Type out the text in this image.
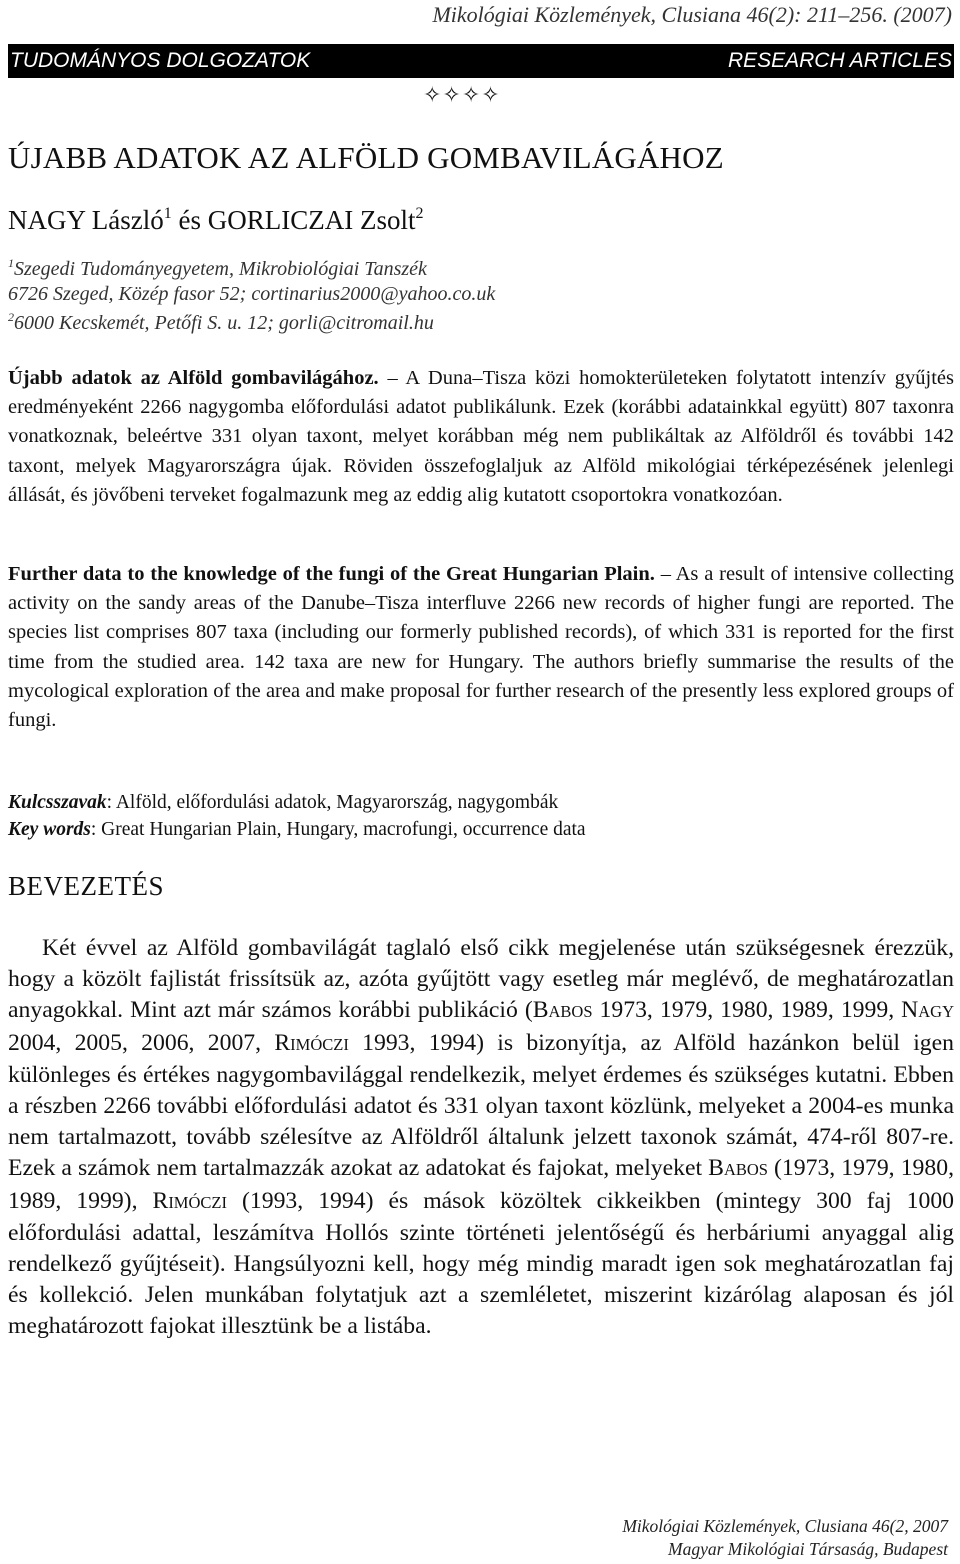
Mikológiai Közlemények, Clusiana 46(2): 211–256. (2007)
TUDOMÁNYOS DOLGOZATOK	RESEARCH ARTICLES
✧✧✧✧
ÚJABB ADATOK AZ ALFÖLD GOMBAVILÁGÁHOZ
NAGY László$^1$ és GORLICZAI Zsolt$^2$
$^1$Szegedi Tudományegyetem, Mikrobiológiai Tanszék
6726 Szeged, Közép fasor 52; cortinarius2000@yahoo.co.uk
$^2$6000 Kecskemét, Petőfi S. u. 12; gorli@citromail.hu

Újabb adatok az Alföld gombavilágához. – A Duna–Tisza közi homokterületeken folytatott intenzív gyűjtés eredményeként 2266 nagygomba előfordulási adatot publikálunk. Ezek (korábbi adatainkkal együtt) 807 taxonra vonatkoznak, beleértve 331 olyan taxont, melyet korábban még nem publikáltak az Alföldről és további 142 taxont, melyek Magyarországra újak. Röviden összefoglaljuk az Alföld mikológiai térképezésének jelenlegi állását, és jövőbeni terveket fogalmazunk meg az eddig alig kutatott csoportokra vonatkozóan.

Further data to the knowledge of the fungi of the Great Hungarian Plain. – As a result of intensive collecting activity on the sandy areas of the Danube–Tisza interfluve 2266 new records of higher fungi are reported. The species list comprises 807 taxa (including our formerly published records), of which 331 is reported for the first time from the studied area. 142 taxa are new for Hungary. The authors briefly summarise the results of the mycological exploration of the area and make proposal for further research of the presently less explored groups of fungi.

Kulcsszavak: Alföld, előfordulási adatok, Magyarország, nagygombák
Key words: Great Hungarian Plain, Hungary, macrofungi, occurrence data
BEVEZETÉS

Két évvel az Alföld gombavilágát taglaló első cikk megjelenése után szükségesnek érezzük, hogy a közölt fajlistát frissítsük az, azóta gyűjtött vagy esetleg már meglévő, de meghatározatlan anyagokkal. Mint azt már számos korábbi publikáció (BABOS 1973, 1979, 1980, 1989, 1999, NAGY 2004, 2005, 2006, 2007, RIMÓCZI 1993, 1994) is bizonyítja, az Alföld hazánkon belül igen különleges és értékes nagygombavilággal rendelkezik, melyet érdemes és szükséges kutatni. Ebben a részben 2266 további előfordulási adatot és 331 olyan taxont közlünk, melyeket a 2004-es munka nem tartalmazott, tovább szélesítve az Alföldről általunk jelzett taxonok számát, 474-ről 807-re. Ezek a számok nem tartalmazzák azokat az adatokat és fajokat, melyeket BABOS (1973, 1979, 1980, 1989, 1999), RIMÓCZI (1993, 1994) és mások közöltek cikkeikben (mintegy 300 faj 1000 előfordulási adattal, leszámítva Hollós szinte történeti jelentőségű és herbáriumi anyaggal alig rendelkező gyűjtéseit). Hangsúlyozni kell, hogy még mindig maradt igen sok meghatározatlan faj és kollekció. Jelen munkában folytatjuk azt a szemléletet, miszerint kizárólag alaposan és jól meghatározott fajokat illesztünk be a listába.

Mikológiai Közlemények, Clusiana 46(2, 2007
Magyar Mikológiai Társaság, Budapest
